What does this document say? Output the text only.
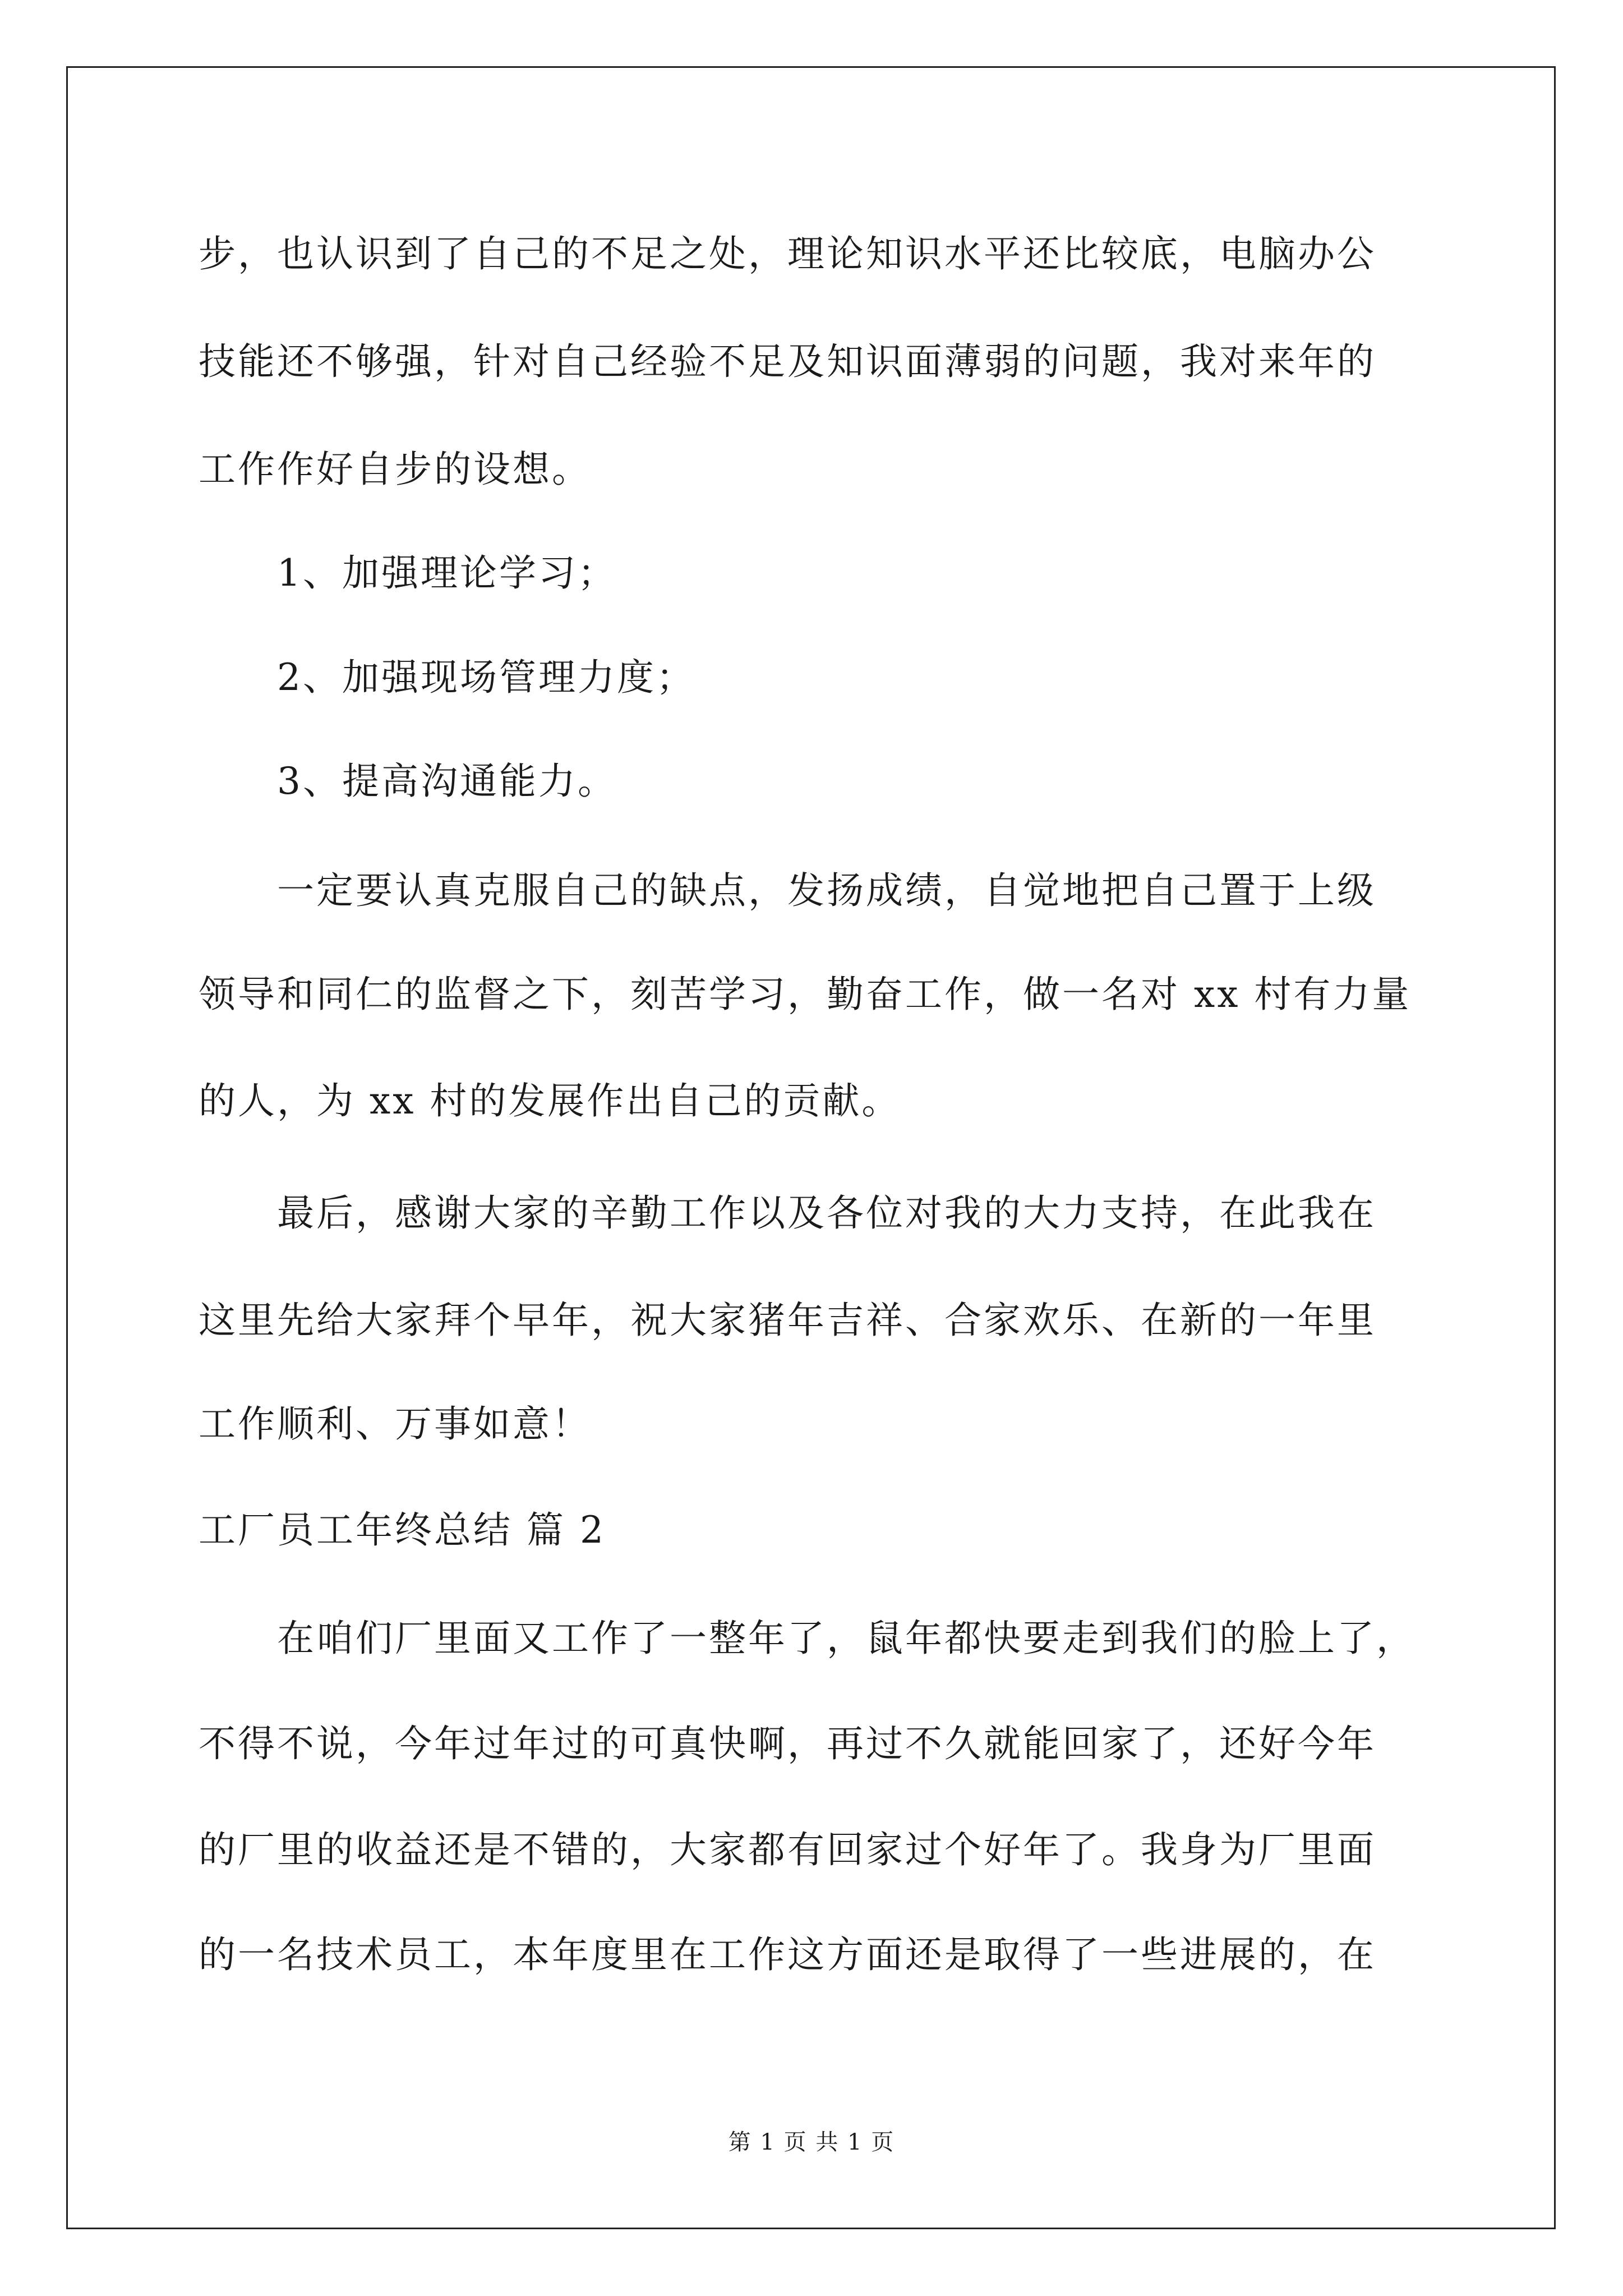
步，也认识到了自己的不足之处，理论知识水平还比较底，电脑办公
技能还不够强，针对自己经验不足及知识面薄弱的问题，我对来年的
工作作好自步的设想。
1、加强理论学习；
2、加强现场管理力度；
3、提高沟通能力。
一定要认真克服自己的缺点，发扬成绩，自觉地把自己置于上级
领导和同仁的监督之下，刻苦学习，勤奋工作，做一名对 xx 村有力量
的人，为 xx 村的发展作出自己的贡献。
最后，感谢大家的辛勤工作以及各位对我的大力支持，在此我在
这里先给大家拜个早年，祝大家猪年吉祥、合家欢乐、在新的一年里
工作顺利、万事如意！
工厂员工年终总结 篇 2
在咱们厂里面又工作了一整年了，鼠年都快要走到我们的脸上了，
不得不说，今年过年过的可真快啊，再过不久就能回家了，还好今年
的厂里的收益还是不错的，大家都有回家过个好年了。我身为厂里面
的一名技术员工，本年度里在工作这方面还是取得了一些进展的，在
第 1 页 共 1 页
